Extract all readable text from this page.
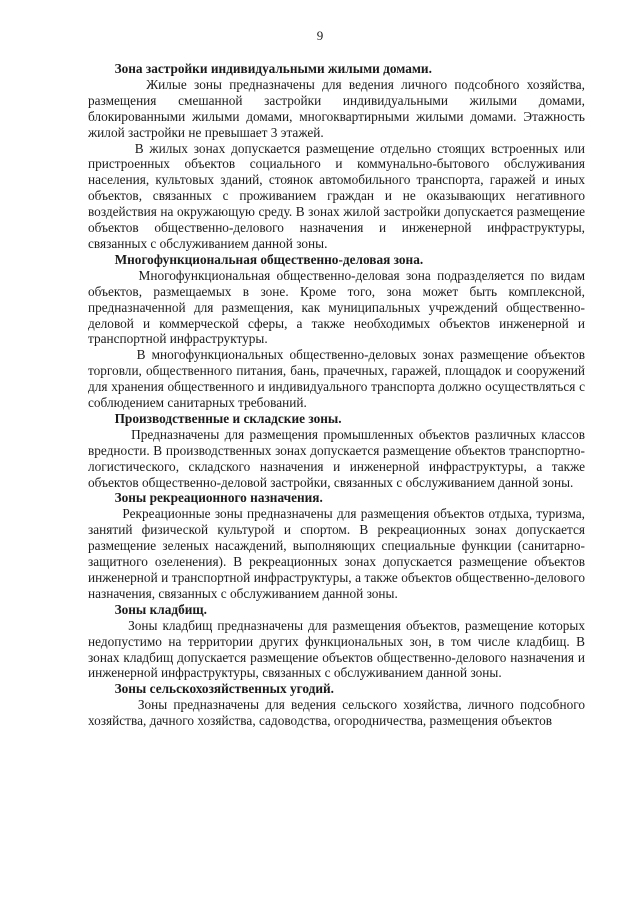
9

Зона застройки индивидуальными жилыми домами.

Жилые зоны предназначены для ведения личного подсобного хозяйства, размещения смешанной застройки индивидуальными жилыми домами, блокированными жилыми домами, многоквартирными жилыми домами. Этажность жилой застройки не превышает 3 этажей.

В жилых зонах допускается размещение отдельно стоящих встроенных или пристроенных объектов социального и коммунально-бытового обслуживания населения, культовых зданий, стоянок автомобильного транспорта, гаражей и иных объектов, связанных с проживанием граждан и не оказывающих негативного воздействия на окружающую среду. В зонах жилой застройки допускается размещение объектов общественно-делового назначения и инженерной инфраструктуры, связанных с обслуживанием данной зоны.

Многофункциональная общественно-деловая зона.

Многофункциональная общественно-деловая зона подразделяется по видам объектов, размещаемых в зоне. Кроме того, зона может быть комплексной, предназначенной для размещения, как муниципальных учреждений общественно-деловой и коммерческой сферы, а также необходимых объектов инженерной и транспортной инфраструктуры.

В многофункциональных общественно-деловых зонах размещение объектов торговли, общественного питания, бань, прачечных, гаражей, площадок и сооружений для хранения общественного и индивидуального транспорта должно осуществляться с соблюдением санитарных требований.

Производственные и складские зоны.

Предназначены для размещения промышленных объектов различных классов вредности. В производственных зонах допускается размещение объектов транспортно-логистического, складского назначения и инженерной инфраструктуры, а также объектов общественно-деловой застройки, связанных с обслуживанием данной зоны.

Зоны рекреационного назначения.

Рекреационные зоны предназначены для размещения объектов отдыха, туризма, занятий физической культурой и спортом. В рекреационных зонах допускается размещение зеленых насаждений, выполняющих специальные функции (санитарно-защитного озеленения). В рекреационных зонах допускается размещение объектов инженерной и транспортной инфраструктуры, а также объектов общественно-делового назначения, связанных с обслуживанием данной зоны.

Зоны кладбищ.

Зоны кладбищ предназначены для размещения объектов, размещение которых недопустимо на территории других функциональных зон, в том числе кладбищ. В зонах кладбищ допускается размещение объектов общественно-делового назначения и инженерной инфраструктуры, связанных с обслуживанием данной зоны.

Зоны сельскохозяйственных угодий.

Зоны предназначены для ведения сельского хозяйства, личного подсобного хозяйства, дачного хозяйства, садоводства, огородничества, размещения объектов
